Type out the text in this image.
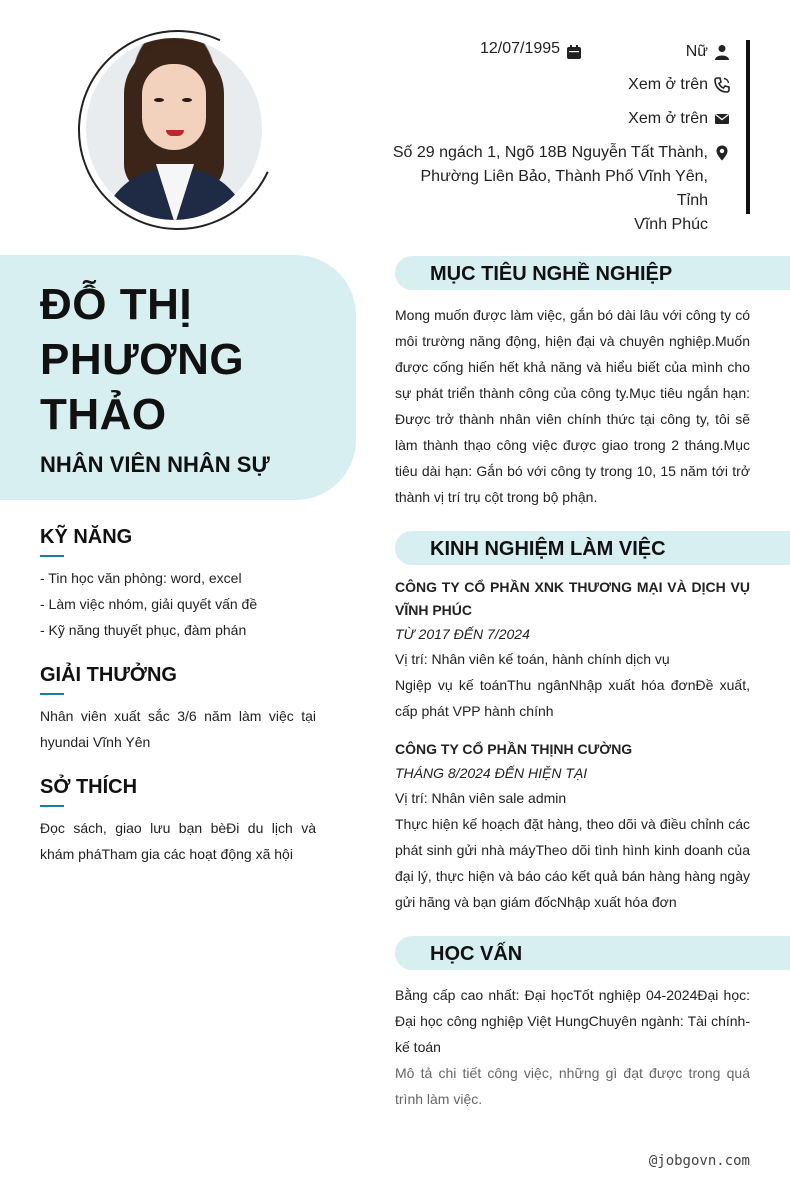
12/07/1995	Nữ
Xem ở trên
Xem ở trên
Số 29 ngách 1, Ngõ 18B Nguyễn Tất Thành,
Phường Liên Bảo, Thành Phố Vĩnh Yên, Tỉnh
Vĩnh Phúc
ĐỖ THỊ
PHƯƠNG
THẢO
NHÂN VIÊN NHÂN SỰ
KỸ NĂNG
- Tin học văn phòng: word, excel
- Làm việc nhóm, giải quyết vấn đề
- Kỹ năng thuyết phục, đàm phán
GIẢI THƯỞNG
Nhân viên xuất sắc 3/6 năm làm việc tại hyundai Vĩnh Yên
SỞ THÍCH
Đọc sách, giao lưu bạn bèĐi du lịch và khám pháTham gia các hoạt động xã hội
MỤC TIÊU NGHỀ NGHIỆP
Mong muốn được làm việc, gắn bó dài lâu với công ty có môi trường năng động, hiện đại và chuyên nghiệp.Muốn được cống hiến hết khả năng và hiểu biết của mình cho sự phát triển thành công của công ty.Mục tiêu ngắn hạn: Được trở thành nhân viên chính thức tại công ty, tôi sẽ làm thành thạo công việc được giao trong 2 tháng.Mục tiêu dài hạn: Gắn bó với công ty trong 10, 15 năm tới trở thành vị trí trụ cột trong bộ phận.
KINH NGHIỆM LÀM VIỆC
CÔNG TY CỔ PHẦN XNK THƯƠNG MẠI VÀ DỊCH VỤ VĨNH PHÚC
TỪ 2017 ĐẾN 7/2024
Vị trí: Nhân viên kế toán, hành chính dịch vụ
Ngiệp vụ kế toánThu ngânNhập xuất hóa đơnĐề xuất, cấp phát VPP hành chính
CÔNG TY CỔ PHẦN THỊNH CƯỜNG
THÁNG 8/2024 ĐẾN HIỆN TẠI
Vị trí: Nhân viên sale admin
Thực hiện kế hoạch đặt hàng, theo dõi và điều chỉnh các phát sinh gửi nhà máyTheo dõi tình hình kinh doanh của đại lý, thực hiện và báo cáo kết quả bán hàng hàng ngày gửi hãng và bạn giám đốcNhập xuất hóa đơn
HỌC VẤN
Bằng cấp cao nhất: Đại họcTốt nghiệp 04-2024Đại học: Đại học công nghiệp Việt HungChuyên ngành: Tài chính-kế toán
Mô tả chi tiết công việc, những gì đạt được trong quá trình làm việc.
@jobgovn.com
